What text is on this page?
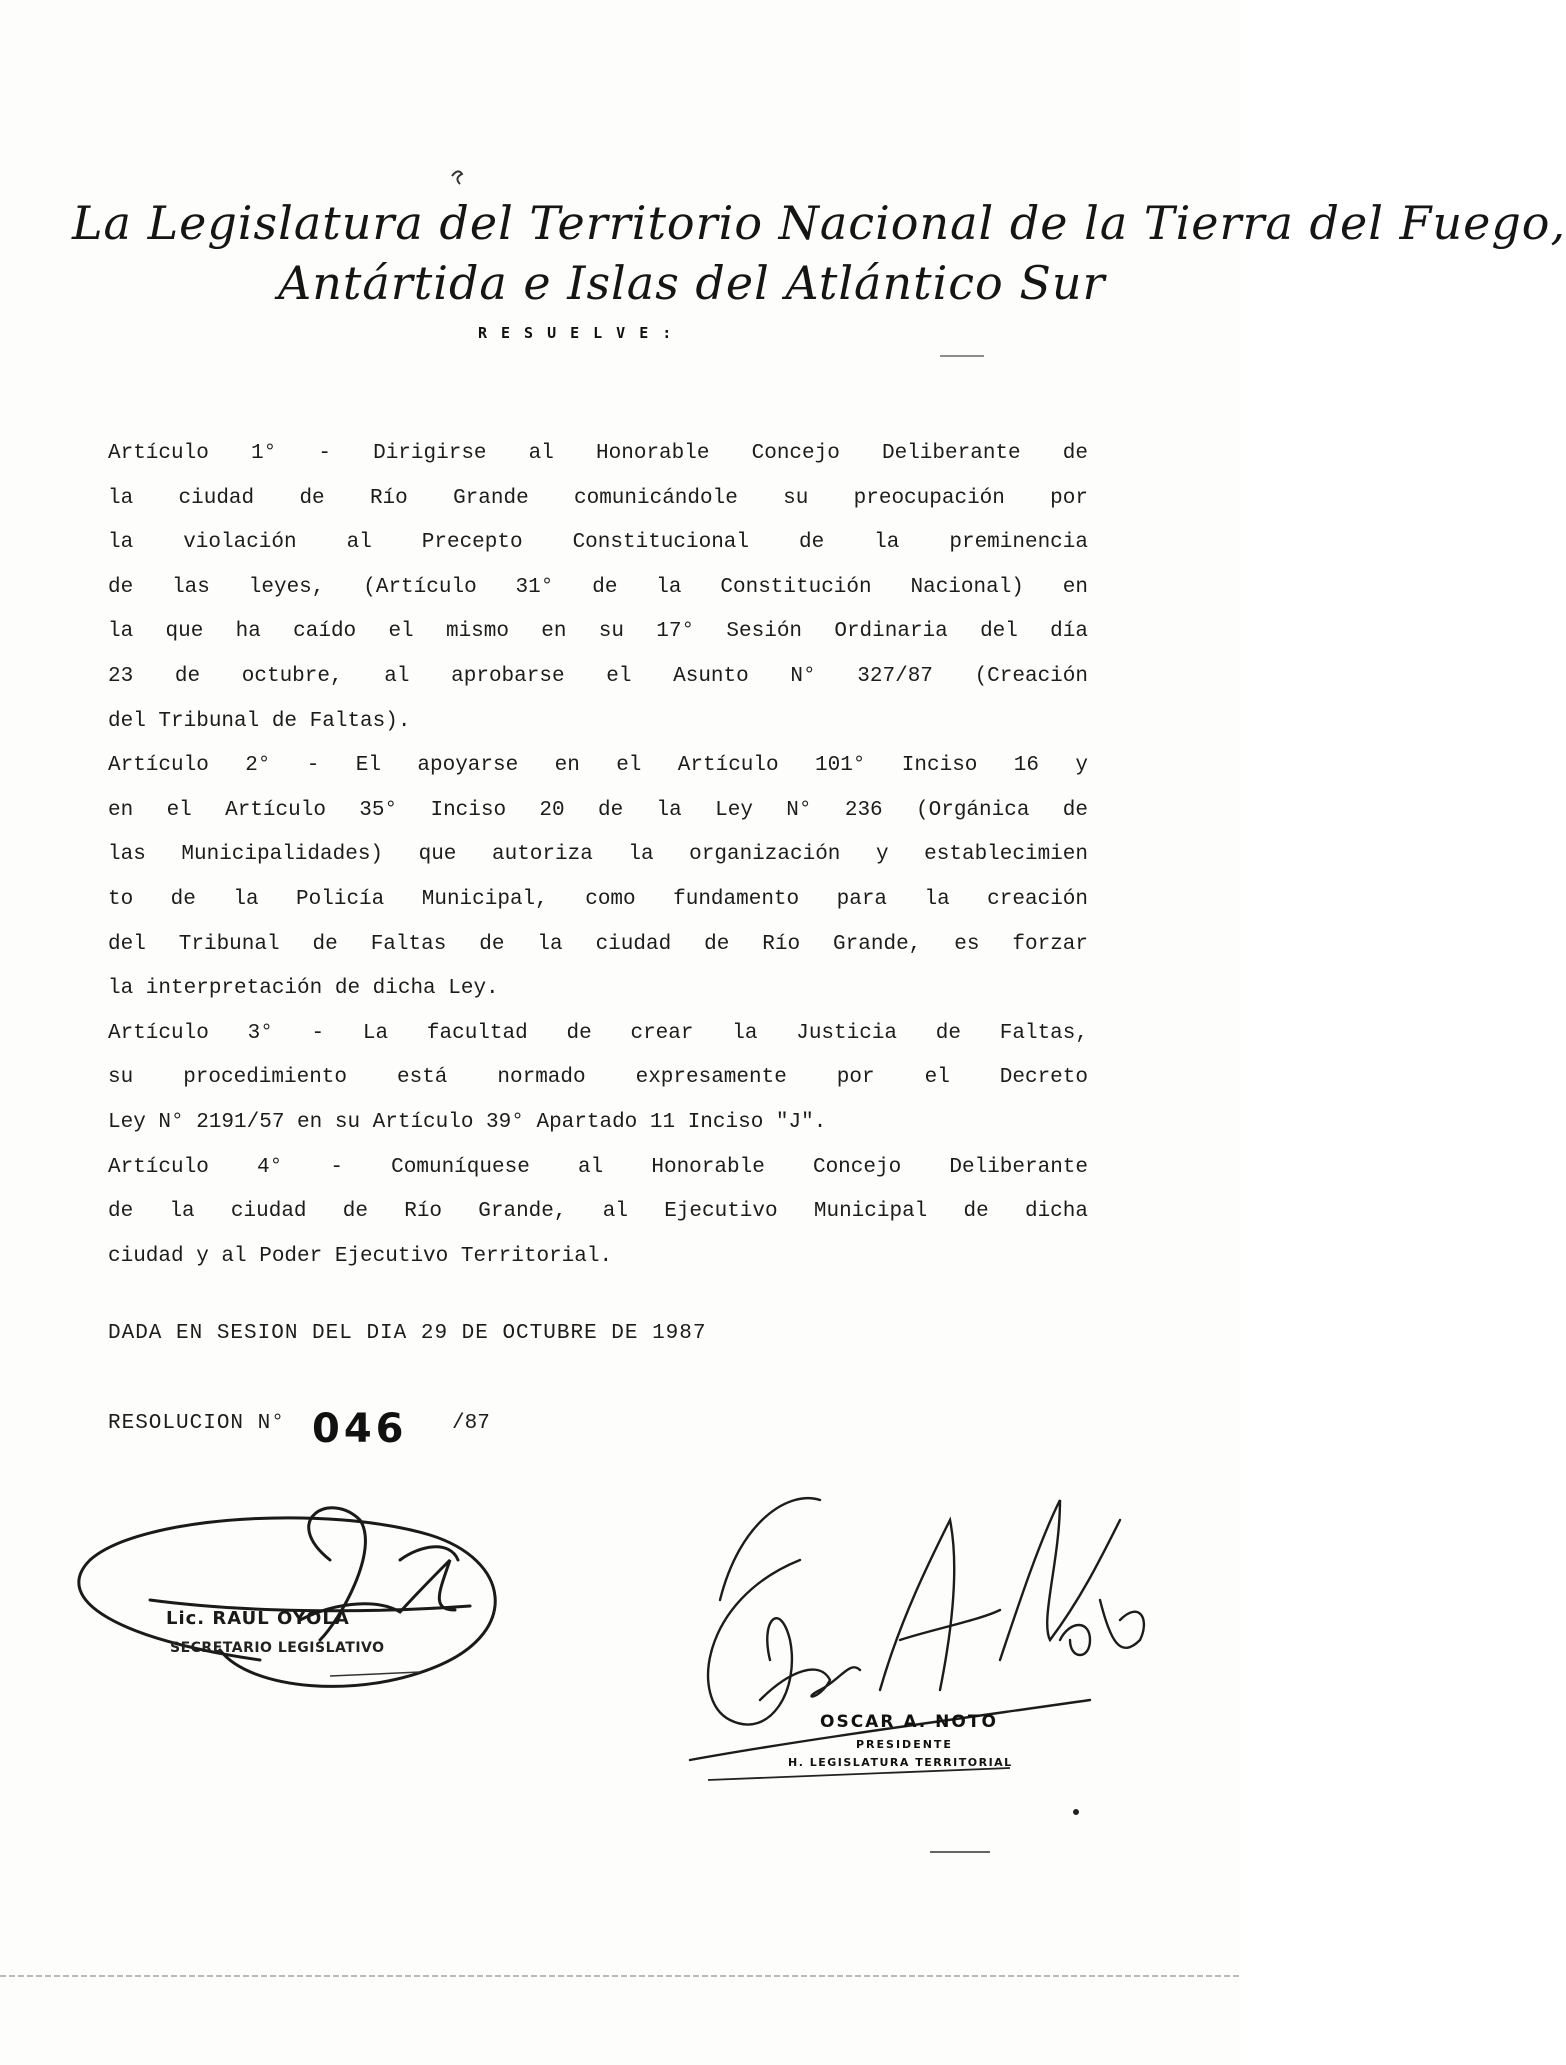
La Legislatura del Territorio Nacional de la Tierra del Fuego,
Antártida e Islas del Atlántico Sur
RESUELVE:
Artículo 1° - Dirigirse al Honorable Concejo Deliberante de
la ciudad de Río Grande comunicándole su preocupación por
la violación al Precepto Constitucional de la preminencia
de las leyes, (Artículo 31° de la Constitución Nacional) en
la que ha caído el mismo en su 17° Sesión Ordinaria del día
23 de octubre, al aprobarse el Asunto N° 327/87 (Creación
del Tribunal de Faltas).
Artículo 2° - El apoyarse en el Artículo 101° Inciso 16 y
en el Artículo 35° Inciso 20 de la Ley N° 236 (Orgánica de
las Municipalidades) que autoriza la organización y establecimien
to de la Policía Municipal, como fundamento para la creación
del Tribunal de Faltas de la ciudad de Río Grande, es forzar
la interpretación de dicha Ley.
Artículo 3° - La facultad de crear la Justicia de Faltas,
su procedimiento está normado expresamente por el Decreto
Ley N° 2191/57 en su Artículo 39° Apartado 11 Inciso "J".
Artículo 4° - Comuníquese al Honorable Concejo Deliberante
de la ciudad de Río Grande, al Ejecutivo Municipal de dicha
ciudad y al Poder Ejecutivo Territorial.
DADA EN SESION DEL DIA 29 DE OCTUBRE DE 1987
RESOLUCION N° 046 /87
Lic. RAUL OYOLA
SECRETARIO LEGISLATIVO
OSCAR A. NOTO
PRESIDENTE
H. LEGISLATURA TERRITORIAL
